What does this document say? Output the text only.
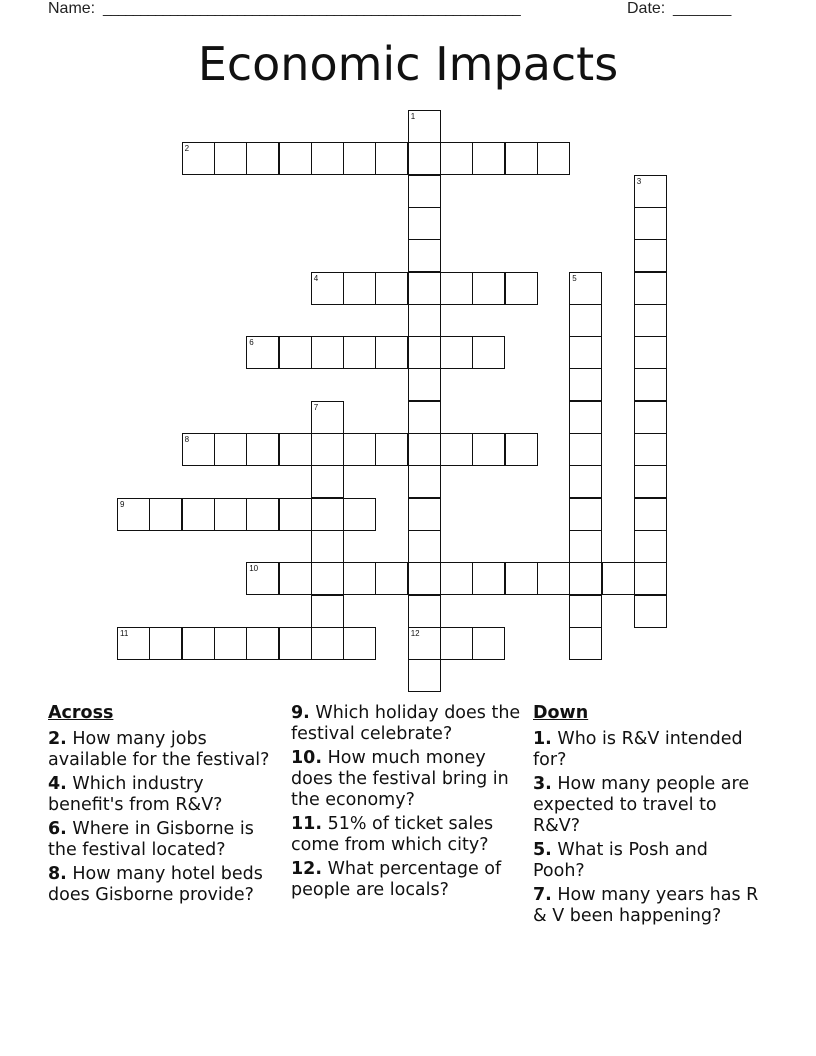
Name: ________________________________________________________	Date: _______
Economic Impacts
2
4
6
8
9
10
11	12
1
3
5
7
Across
2. How many jobs available for the festival?
4. Which industry benefit's from R&V?
6. Where in Gisborne is the festival located?
8. How many hotel beds does Gisborne provide?
9. Which holiday does the festival celebrate?
10. How much money does the festival bring in the economy?
11. 51% of ticket sales come from which city?
12. What percentage of people are locals?
Down
1. Who is R&V intended for?
3. How many people are expected to travel to R&V?
5. What is Posh and Pooh?
7. How many years has R & V been happening?
